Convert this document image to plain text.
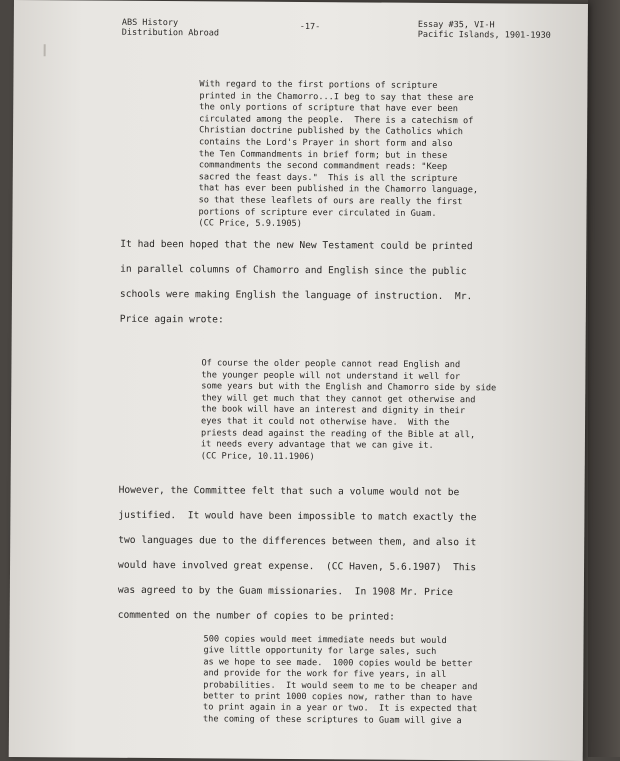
ABS History
Distribution Abroad
-17-	Essay #35, VI-H
Pacific Islands, 1901-1930
With regard to the first portions of scripture
printed in the Chamorro...I beg to say that these are
the only portions of scripture that have ever been
circulated among the people.  There is a catechism of
Christian doctrine published by the Catholics which
contains the Lord's Prayer in short form and also
the Ten Commandments in brief form; but in these
commandments the second commandment reads: "Keep
sacred the feast days."  This is all the scripture
that has ever been published in the Chamorro language,
so that these leaflets of ours are really the first
portions of scripture ever circulated in Guam.
(CC Price, 5.9.1905)
It had been hoped that the new New Testament could be printed
in parallel columns of Chamorro and English since the public
schools were making English the language of instruction.  Mr.
Price again wrote:
Of course the older people cannot read English and
the younger people will not understand it well for
some years but with the English and Chamorro side by side
they will get much that they cannot get otherwise and
the book will have an interest and dignity in their
eyes that it could not otherwise have.  With the
priests dead against the reading of the Bible at all,
it needs every advantage that we can give it.
(CC Price, 10.11.1906)
However, the Committee felt that such a volume would not be
justified.  It would have been impossible to match exactly the
two languages due to the differences between them, and also it
would have involved great expense.  (CC Haven, 5.6.1907)  This
was agreed to by the Guam missionaries.  In 1908 Mr. Price
commented on the number of copies to be printed:
500 copies would meet immediate needs but would
give little opportunity for large sales, such
as we hope to see made.  1000 copies would be better
and provide for the work for five years, in all
probabilities.  It would seem to me to be cheaper and
better to print 1000 copies now, rather than to have
to print again in a year or two.  It is expected that
the coming of these scriptures to Guam will give a
